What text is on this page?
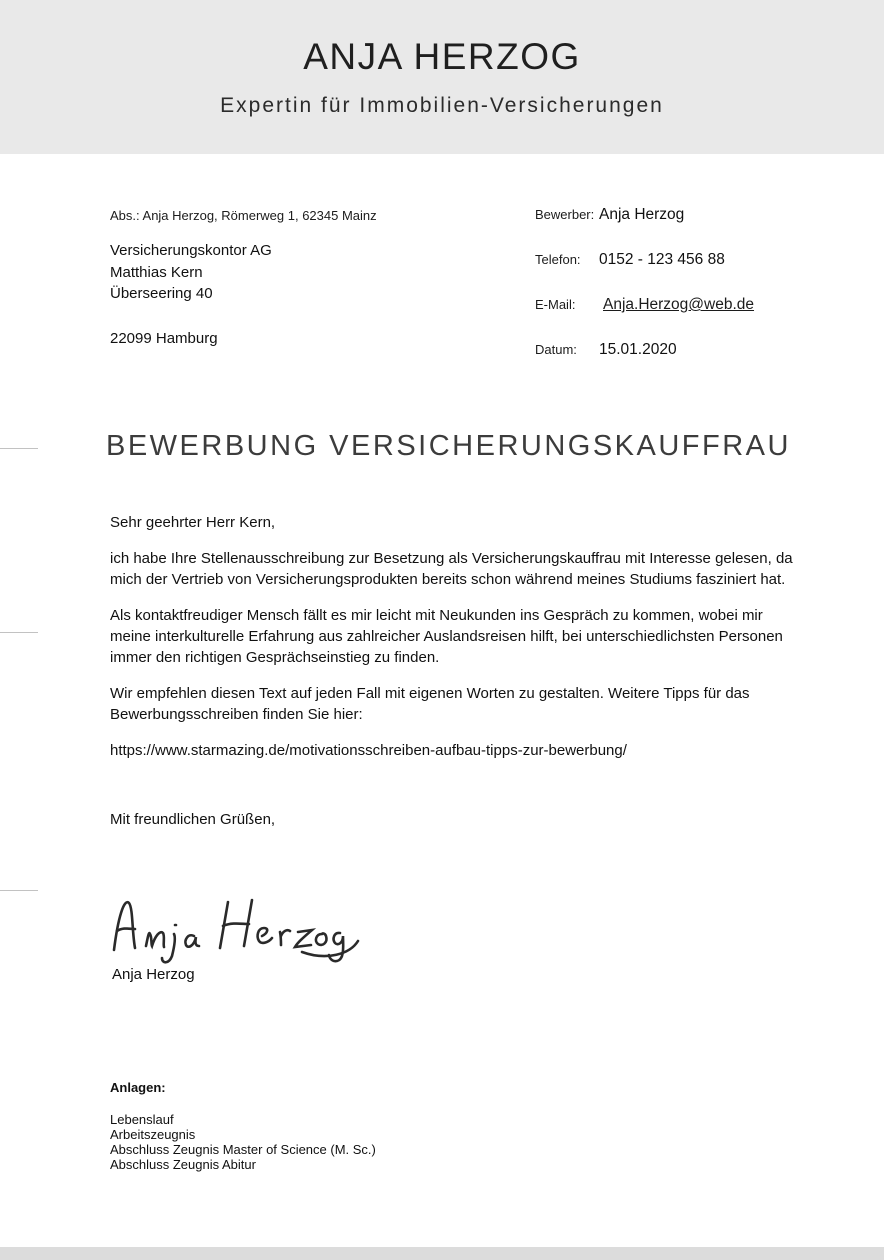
ANJA HERZOG
Expertin für Immobilien-Versicherungen
Abs.: Anja Herzog, Römerweg 1, 62345 Mainz
Versicherungskontor AG
Matthias Kern
Überseering 40
22099 Hamburg
Bewerber: Anja Herzog
Telefon: 0152 - 123 456 88
E-Mail: Anja.Herzog@web.de
Datum: 15.01.2020
BEWERBUNG VERSICHERUNGSKAUFFRAU

Sehr geehrter Herr Kern,

ich habe Ihre Stellenausschreibung zur Besetzung als Versicherungskauffrau mit Interesse gelesen, da mich der Vertrieb von Versicherungsprodukten bereits schon während meines Studiums fasziniert hat.

Als kontaktfreudiger Mensch fällt es mir leicht mit Neukunden ins Gespräch zu kommen, wobei mir meine interkulturelle Erfahrung aus zahlreicher Auslandsreisen hilft, bei unterschiedlichsten Personen immer den richtigen Gesprächseinstieg zu finden.

Wir empfehlen diesen Text auf jeden Fall mit eigenen Worten zu gestalten. Weitere Tipps für das Bewerbungsschreiben finden Sie hier:

https://www.starmazing.de/motivationsschreiben-aufbau-tipps-zur-bewerbung/

Mit freundlichen Grüßen,

Anja Herzog
Anlagen:
Lebenslauf
Arbeitszeugnis
Abschluss Zeugnis Master of Science (M. Sc.)
Abschluss Zeugnis Abitur
